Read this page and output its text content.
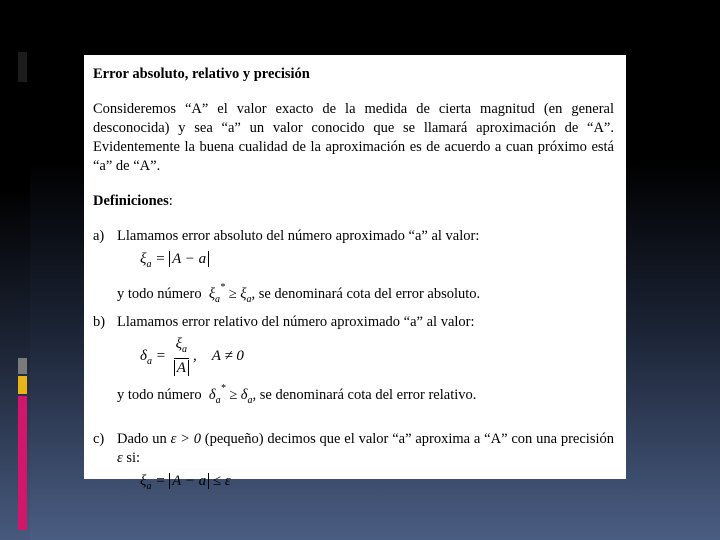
Error absoluto, relativo y precisión
Consideremos “A” el valor exacto de la medida de cierta magnitud (en general desconocida) y sea “a” un valor conocido que se llamará aproximación de “A”. Evidentemente la buena cualidad de la aproximación es de acuerdo a cuan próximo está “a” de “A”.
Definiciones:
a) Llamamos error absoluto del número aproximado “a” al valor:
$\xi_a = A - a$
y todo número  $\xi_a^* \ge \xi_a$, se denominará cota del error absoluto.
b) Llamamos error relativo del número aproximado “a” al valor:
$\delta_a = \frac{\xi_a}{A}$ ,    A ≠ 0
y todo número  $\delta_a^* \ge \delta_a$, se denominará cota del error relativo.
c) Dado un ε > 0 (pequeño) decimos que el valor “a” aproxima a “A” con una precisión ε si:
$\xi_a = A - a \le \varepsilon$
